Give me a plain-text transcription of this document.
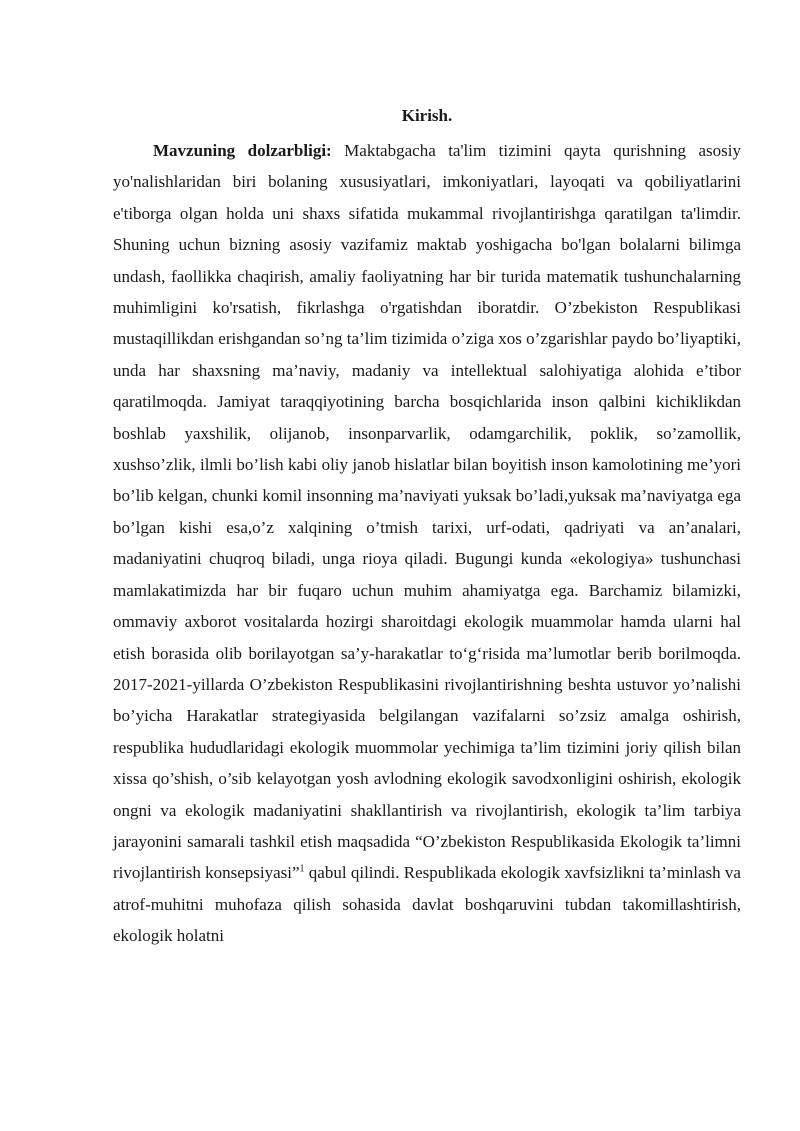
Kirish.

Mavzuning dolzarbligi: Maktabgacha ta'lim tizimini qayta qurishning asosiy yo'nalishlaridan biri bolaning xususiyatlari, imkoniyatlari, layoqati va qobiliyatlarini e'tiborga olgan holda uni shaxs sifatida mukammal rivojlantirishga qaratilgan ta'limdir. Shuning uchun bizning asosiy vazifamiz maktab yoshigacha bo'lgan bolalarni bilimga undash, faollikka chaqirish, amaliy faoliyatning har bir turida matematik tushunchalarning muhimligini ko'rsatish, fikrlashga o'rgatishdan iboratdir. O’zbekiston Respublikasi mustaqillikdan erishgandan so’ng ta’lim tizimida o’ziga xos o’zgarishlar paydo bo’liyaptiki, unda har shaxsning ma’naviy, madaniy va intellektual salohiyatiga alohida e’tibor qaratilmoqda. Jamiyat taraqqiyotining barcha bosqichlarida inson qalbini kichiklikdan boshlab yaxshilik, olijanob, insonparvarlik, odamgarchilik, poklik, so’zamollik, xushso’zlik, ilmli bo’lish kabi oliy janob hislatlar bilan boyitish inson kamolotining me’yori bo’lib kelgan, chunki komil insonning ma’naviyati yuksak bo’ladi,yuksak ma’naviyatga ega bo’lgan kishi esa,o’z xalqining o’tmish tarixi, urf-odati, qadriyati va an’analari, madaniyatini chuqroq biladi, unga rioya qiladi. Bugungi kunda «ekologiya» tushunchasi mamlakatimizda har bir fuqaro uchun muhim ahamiyatga ega. Barchamiz bilamizki, ommaviy axborot vositalarda hozirgi sharoitdagi ekologik muammolar hamda ularni hal etish borasida olib borilayotgan sa’y-harakatlar to‘g‘risida ma’lumotlar berib borilmoqda. 2017-2021-yillarda O’zbekiston Respublikasini rivojlantirishning beshta ustuvor yo’nalishi bo’yicha Harakatlar strategiyasida belgilangan vazifalarni so’zsiz amalga oshirish, respublika hududlaridagi ekologik muommolar yechimiga ta’lim tizimini joriy qilish bilan xissa qo’shish, o’sib kelayotgan yosh avlodning ekologik savodxonligini oshirish, ekologik ongni va ekologik madaniyatini shakllantirish va rivojlantirish, ekologik ta’lim tarbiya jarayonini samarali tashkil etish maqsadida “O’zbekiston Respublikasida Ekologik ta’limni rivojlantirish konsepsiyasi”$^1$ qabul qilindi. Respublikada ekologik xavfsizlikni ta’minlash va atrof-muhitni muhofaza qilish sohasida davlat boshqaruvini tubdan takomillashtirish, ekologik holatni
